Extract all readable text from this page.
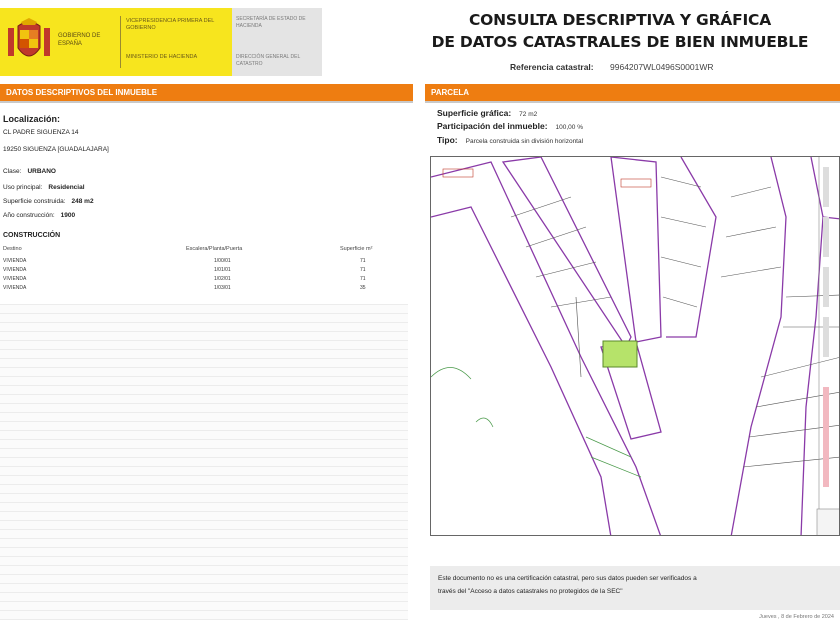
GOBIERNO DE ESPAÑA
VICEPRESIDENCIA PRIMERA DEL GOBIERNO
MINISTERIO DE HACIENDA
SECRETARÍA DE ESTADO DE HACIENDA
DIRECCIÓN GENERAL DEL CATASTRO
CONSULTA DESCRIPTIVA Y GRÁFICA
DE DATOS CATASTRALES DE BIEN INMUEBLE
Referencia catastral: 9964207WL0496S0001WR
DATOS DESCRIPTIVOS DEL INMUEBLE
Localización:
CL PADRE SIGUENZA 14
19250 SIGUENZA [GUADALAJARA]
Clase: URBANO
Uso principal: Residencial
Superficie construida: 248 m2
Año construcción: 1900
CONSTRUCCIÓN
Destino	Escalera/Planta/Puerta	Superficie m²
VIVIENDA	1/00/01	71
VIVIENDA	1/01/01	71
VIVIENDA	1/02/01	71
VIVIENDA	1/03/01	35
PARCELA
Superficie gráfica: 72 m2
Participación del inmueble: 100,00 %
Tipo: Parcela construida sin división horizontal
Este documento no es una certificación catastral, pero sus datos pueden ser verificados a
través del "Acceso a datos catastrales no protegidos de la SEC"
Jueves , 8 de Febrero de 2024
